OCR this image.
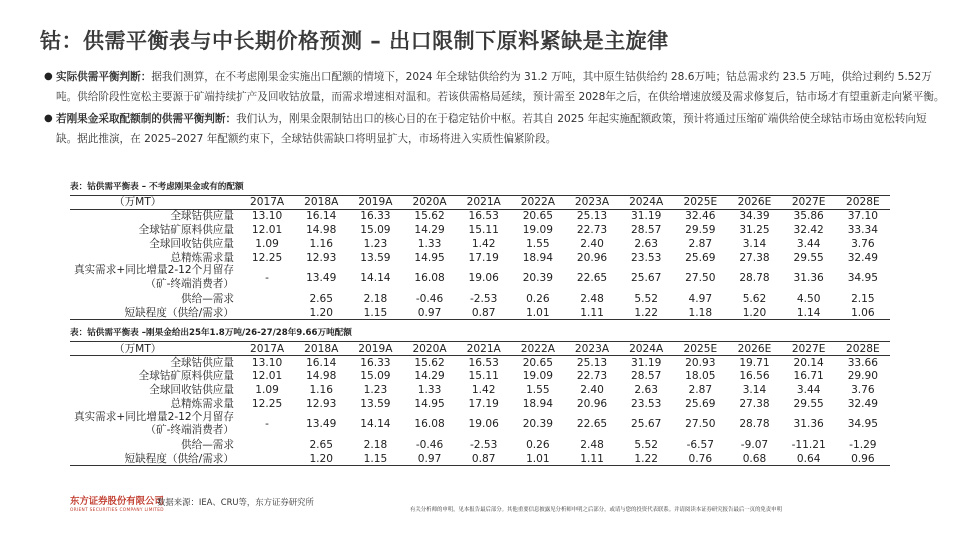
钴：供需平衡表与中长期价格预测 – 出口限制下原料紧缺是主旋律

● 实际供需平衡判断：据我们测算，在不考虑刚果金实施出口配额的情境下，2024 年全球钴供给约为 31.2 万吨，其中原生钴供给约 28.6万吨；钴总需求约 23.5 万吨，供给过剩约 5.52万吨。供给阶段性宽松主要源于矿端持续扩产及回收钴放量，而需求增速相对温和。若该供需格局延续，预计需至 2028年之后，在供给增速放缓及需求修复后，钴市场才有望重新走向紧平衡。

● 若刚果金采取配额制的供需平衡判断：我们认为，刚果金限制钴出口的核心目的在于稳定钴价中枢。若其自 2025 年起实施配额政策，预计将通过压缩矿端供给使全球钴市场由宽松转向短缺。据此推演，在 2025–2027 年配额约束下，全球钴供需缺口将明显扩大，市场将进入实质性偏紧阶段。

表：钴供需平衡表 – 不考虑刚果金或有的配额
（万MT）	2017A	2018A	2019A	2020A	2021A	2022A	2023A	2024A	2025E	2026E	2027E	2028E
全球钴供应量	13.10	16.14	16.33	15.62	16.53	20.65	25.13	31.19	32.46	34.39	35.86	37.10
全球钴矿原料供应量	12.01	14.98	15.09	14.29	15.11	19.09	22.73	28.57	29.59	31.25	32.42	33.34
全球回收钴供应量	1.09	1.16	1.23	1.33	1.42	1.55	2.40	2.63	2.87	3.14	3.44	3.76
总精炼需求量	12.25	12.93	13.59	14.95	17.19	18.94	20.96	23.53	25.69	27.38	29.55	32.49
真实需求+同比增量2-12个月留存（矿-终端消费者）	-	13.49	14.14	16.08	19.06	20.39	22.65	25.67	27.50	28.78	31.36	34.95
供给—需求		2.65	2.18	-0.46	-2.53	0.26	2.48	5.52	4.97	5.62	4.50	2.15
短缺程度（供给/需求）		1.20	1.15	0.97	0.87	1.01	1.11	1.22	1.18	1.20	1.14	1.06
表：钴供需平衡表 –刚果金给出25年1.8万吨/26-27/28年9.66万吨配额
（万MT）	2017A	2018A	2019A	2020A	2021A	2022A	2023A	2024A	2025E	2026E	2027E	2028E
全球钴供应量	13.10	16.14	16.33	15.62	16.53	20.65	25.13	31.19	20.93	19.71	20.14	33.66
全球钴矿原料供应量	12.01	14.98	15.09	14.29	15.11	19.09	22.73	28.57	18.05	16.56	16.71	29.90
全球回收钴供应量	1.09	1.16	1.23	1.33	1.42	1.55	2.40	2.63	2.87	3.14	3.44	3.76
总精炼需求量	12.25	12.93	13.59	14.95	17.19	18.94	20.96	23.53	25.69	27.38	29.55	32.49
真实需求+同比增量2-12个月留存（矿-终端消费者）	-	13.49	14.14	16.08	19.06	20.39	22.65	25.67	27.50	28.78	31.36	34.95
供给—需求		2.65	2.18	-0.46	-2.53	0.26	2.48	5.52	-6.57	-9.07	-11.21	-1.29
短缺程度（供给/需求）		1.20	1.15	0.97	0.87	1.01	1.11	1.22	0.76	0.68	0.64	0.96
东方证券股份有限公司
ORIENT SECURITIES COMPANY LIMITED
数据来源：IEA、CRU等，东方证券研究所
有关分析师的申明，见本报告最后部分。其他重要信息披露见分析师申明之后部分，或请与您的投资代表联系。并请阅读本证券研究报告最后一页的免责申明
